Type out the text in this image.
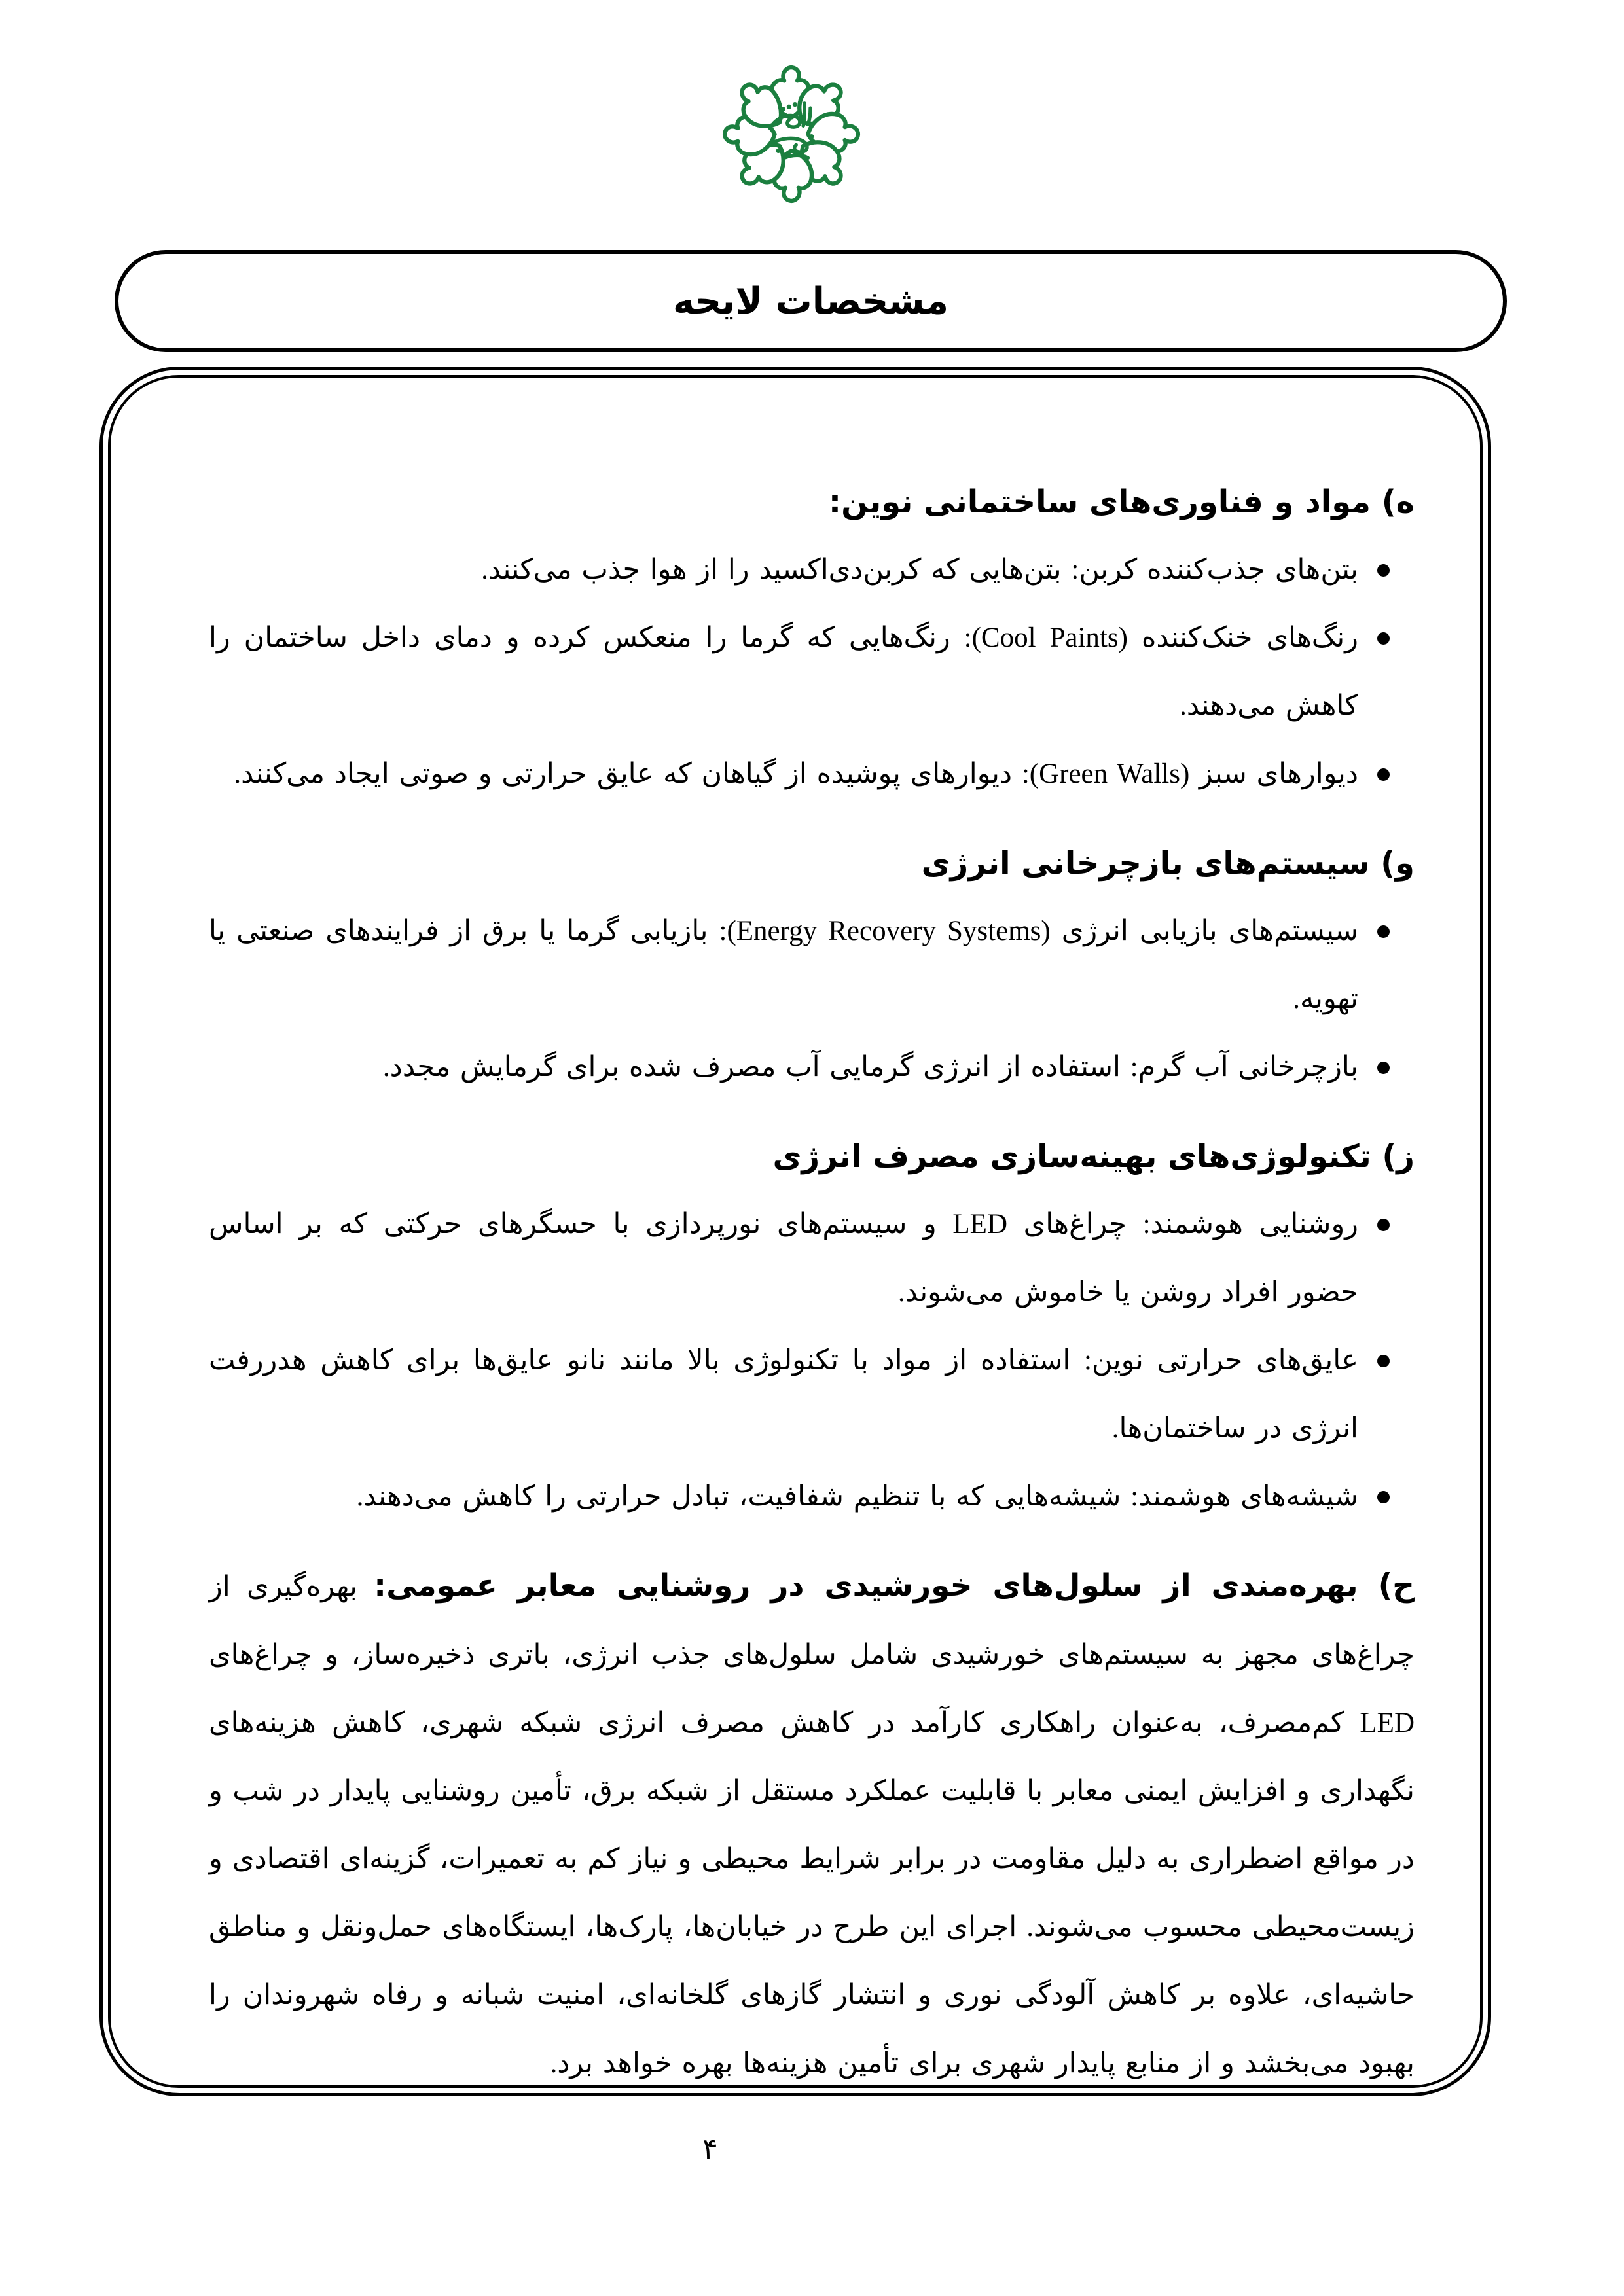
مشخصات لایحه
ه) مواد و فناوری‌های ساختمانی نوین:

بتن‌های جذب‌کننده کربن: بتن‌هایی که کربن‌دی‌اکسید را از هوا جذب می‌کنند.

رنگ‌های خنک‌کننده (Cool Paints): رنگ‌هایی که گرما را منعکس کرده و دمای داخل ساختمان را کاهش می‌دهند.

دیوارهای سبز (Green Walls): دیوارهای پوشیده از گیاهان که عایق حرارتی و صوتی ایجاد می‌کنند.

و) سیستم‌های بازچرخانی انرژی

سیستم‌های بازیابی انرژی (Energy Recovery Systems): بازیابی گرما یا برق از فرایندهای صنعتی یا تهویه.

بازچرخانی آب گرم: استفاده از انرژی گرمایی آب مصرف شده برای گرمایش مجدد.

ز) تکنولوژی‌های بهینه‌سازی مصرف انرژی

روشنایی هوشمند: چراغ‌های LED و سیستم‌های نورپردازی با حسگرهای حرکتی که بر اساس حضور افراد روشن یا خاموش می‌شوند.

عایق‌های حرارتی نوین: استفاده از مواد با تکنولوژی بالا مانند نانو عایق‌ها برای کاهش هدررفت انرژی در ساختمان‌ها.

شیشه‌های هوشمند: شیشه‌هایی که با تنظیم شفافیت، تبادل حرارتی را کاهش می‌دهند.

ح) بهره‌مندی از سلول‌های خورشیدی در روشنایی معابر عمومی: بهره‌گیری از چراغ‌های مجهز به سیستم‌های خورشیدی شامل سلول‌های جذب انرژی، باتری ذخیره‌ساز، و چراغ‌های LED کم‌مصرف، به‌عنوان راهکاری کارآمد در کاهش مصرف انرژی شبکه شهری، کاهش هزینه‌های نگهداری و افزایش ایمنی معابر با قابلیت عملکرد مستقل از شبکه برق، تأمین روشنایی پایدار در شب و در مواقع اضطراری به دلیل مقاومت در برابر شرایط محیطی و نیاز کم به تعمیرات، گزینه‌ای اقتصادی و زیست‌محیطی محسوب می‌شوند. اجرای این طرح در خیابان‌ها، پارک‌ها، ایستگاه‌های حمل‌ونقل و مناطق حاشیه‌ای، علاوه بر کاهش آلودگی نوری و انتشار گازهای گلخانه‌ای، امنیت شبانه و رفاه شهروندان را بهبود می‌بخشد و از منابع پایدار شهری برای تأمین هزینه‌ها بهره خواهد برد.

۴
